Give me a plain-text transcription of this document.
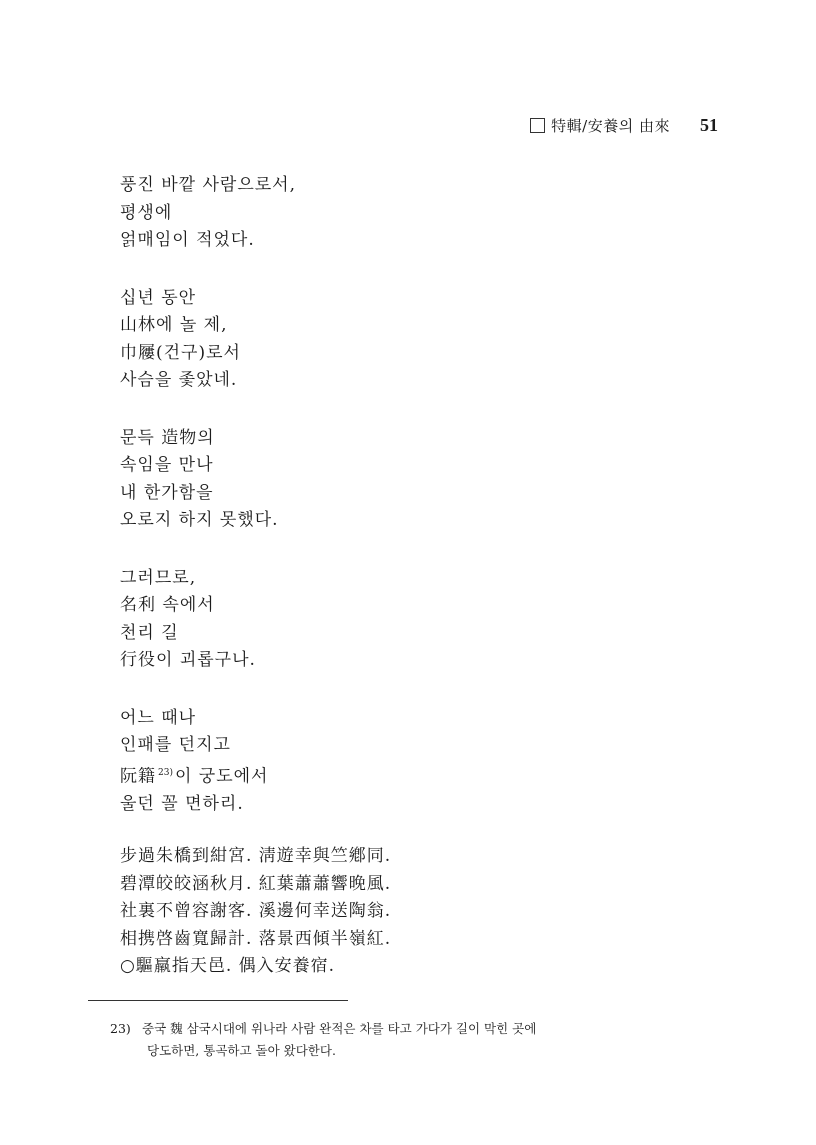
特輯/安養의 由來 51
풍진 바깥 사람으로서,
평생에
얽매임이 적었다.
십년 동안
山林에 놀 제,
巾屨(건구)로서
사슴을 좇았네.
문득 造物의
속임을 만나
내 한가함을
오로지 하지 못했다.
그러므로,
名利 속에서
천리 길
行役이 괴롭구나.
어느 때나
인패를 던지고
阮籍 $^{23)}$ 이 궁도에서
울던 꼴 면하리.
步過朱橋到紺宮. 淸遊幸與竺鄕同.
碧潭皎皎涵秋月. 紅葉蕭蕭響晚風.
社裏不曾容謝客. 溪邊何幸送陶翁.
相携啓齒寬歸計. 落景西傾半嶺紅.
○驅羸指天邑. 偶入安養宿.
23) 중국 魏 삼국시대에 위나라 사람 완적은 차를 타고 가다가 길이 막힌 곳에
당도하면, 통곡하고 돌아 왔다한다.
